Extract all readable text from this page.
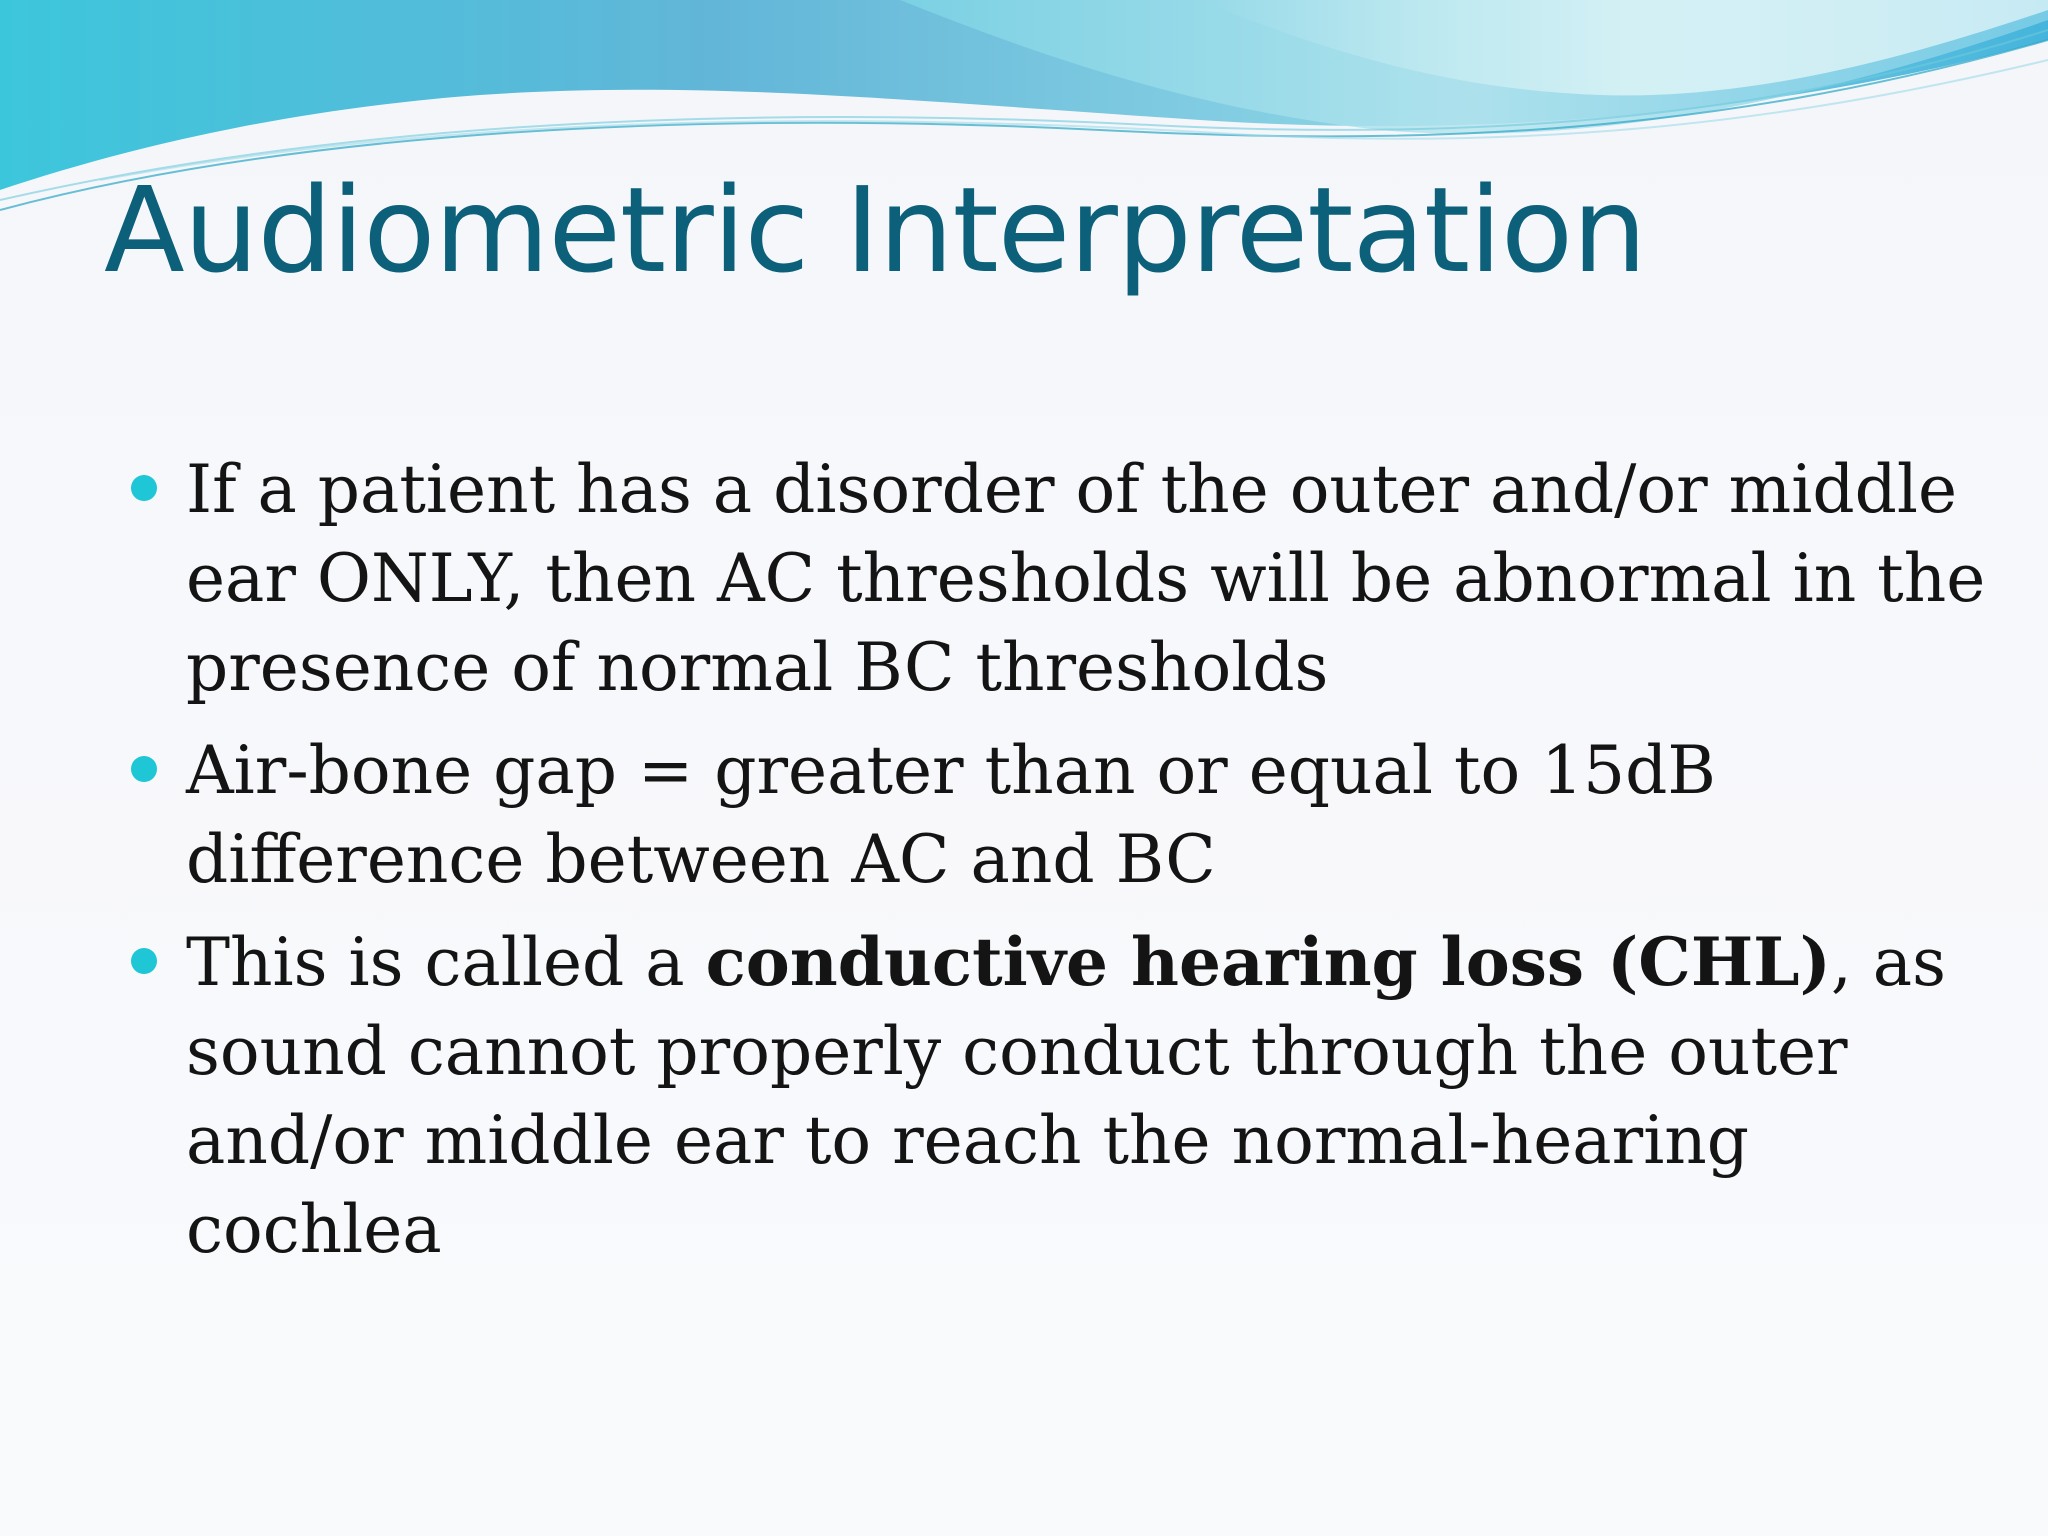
Audiometric Interpretation
If a patient has a disorder of the outer and/or middle ear ONLY, then AC thresholds will be abnormal in the presence of normal BC thresholds
Air-bone gap = greater than or equal to 15dB difference between AC and BC
This is called a conductive hearing loss (CHL), as sound cannot properly conduct through the outer and/or middle ear to reach the normal-hearing cochlea
